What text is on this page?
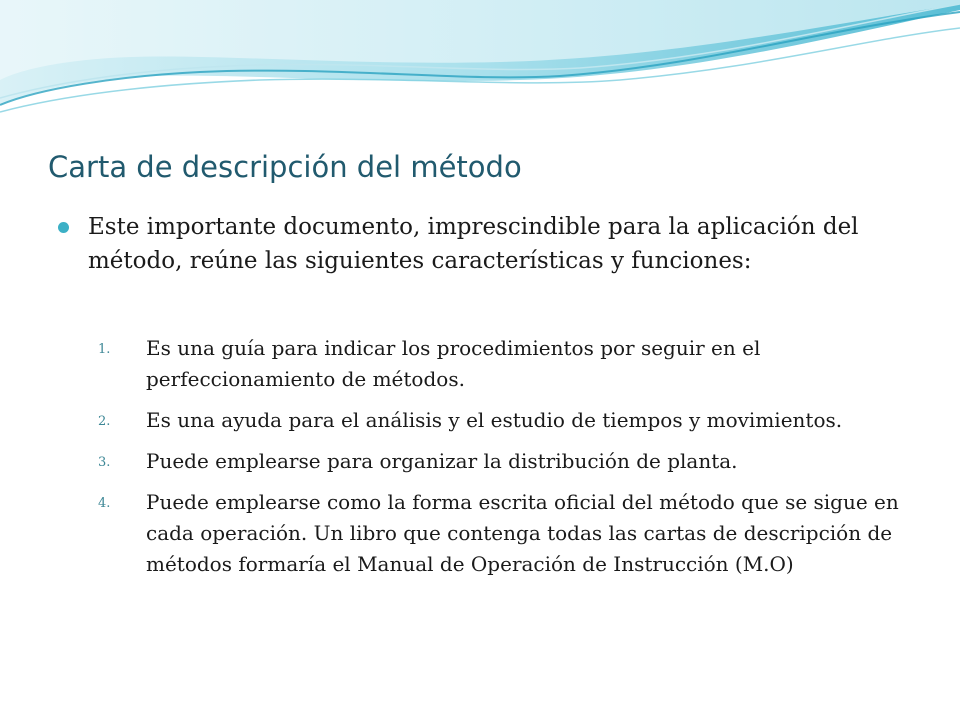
Carta de descripción del método
Este importante documento, imprescindible para la aplicación del método, reúne las siguientes características y funciones:
1. Es una guía para indicar los procedimientos por seguir en el perfeccionamiento de métodos.
2. Es una ayuda para el análisis y el estudio de tiempos y movimientos.
3. Puede emplearse para organizar la distribución de planta.
4. Puede emplearse como la forma escrita oficial del método que se sigue en cada operación. Un libro que contenga todas las cartas de descripción de métodos formaría el Manual de Operación de Instrucción (M.O)
